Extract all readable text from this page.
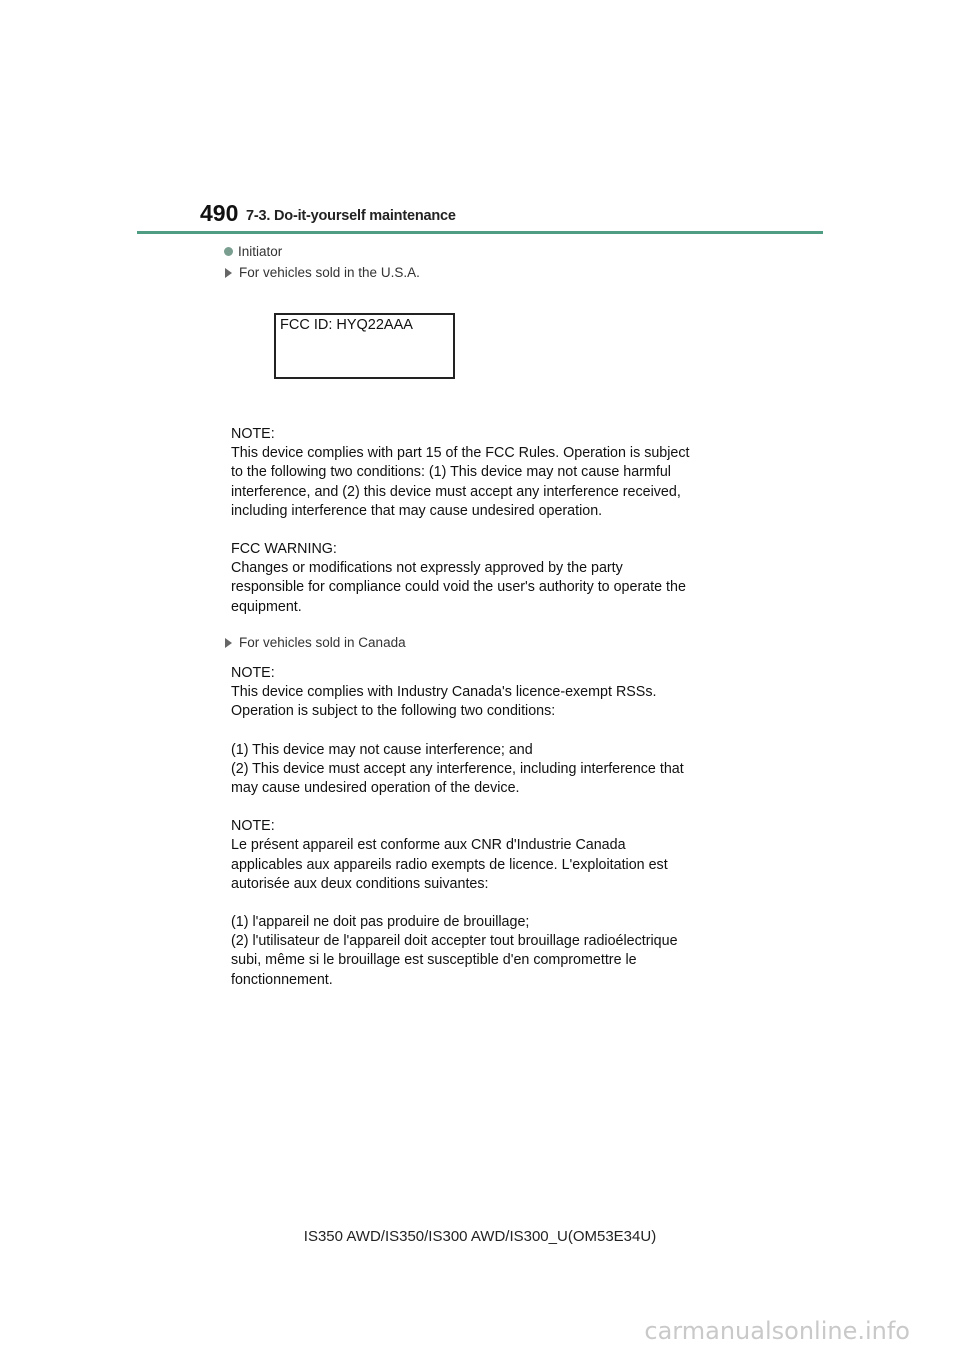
490 7-3. Do-it-yourself maintenance
Initiator
For vehicles sold in the U.S.A.
FCC ID: HYQ22AAA

NOTE:

This device complies with part 15 of the FCC Rules. Operation is subject

to the following two conditions: (1) This device may not cause harmful

interference, and (2) this device must accept any interference received,

including interference that may cause undesired operation.

FCC WARNING:

Changes or modifications not expressly approved by the party

responsible for compliance could void the user's authority to operate the

equipment.

For vehicles sold in Canada

NOTE:

This device complies with Industry Canada's licence-exempt RSSs.

Operation is subject to the following two conditions:

(1) This device may not cause interference; and

(2) This device must accept any interference, including interference that

may cause undesired operation of the device.

NOTE:

Le présent appareil est conforme aux CNR d'Industrie Canada

applicables aux appareils radio exempts de licence. L'exploitation est

autorisée aux deux conditions suivantes:

(1) l'appareil ne doit pas produire de brouillage;

(2) l'utilisateur de l'appareil doit accepter tout brouillage radioélectrique

subi, même si le brouillage est susceptible d'en compromettre le

fonctionnement.

IS350 AWD/IS350/IS300 AWD/IS300_U(OM53E34U)
carmanualsonline.info
